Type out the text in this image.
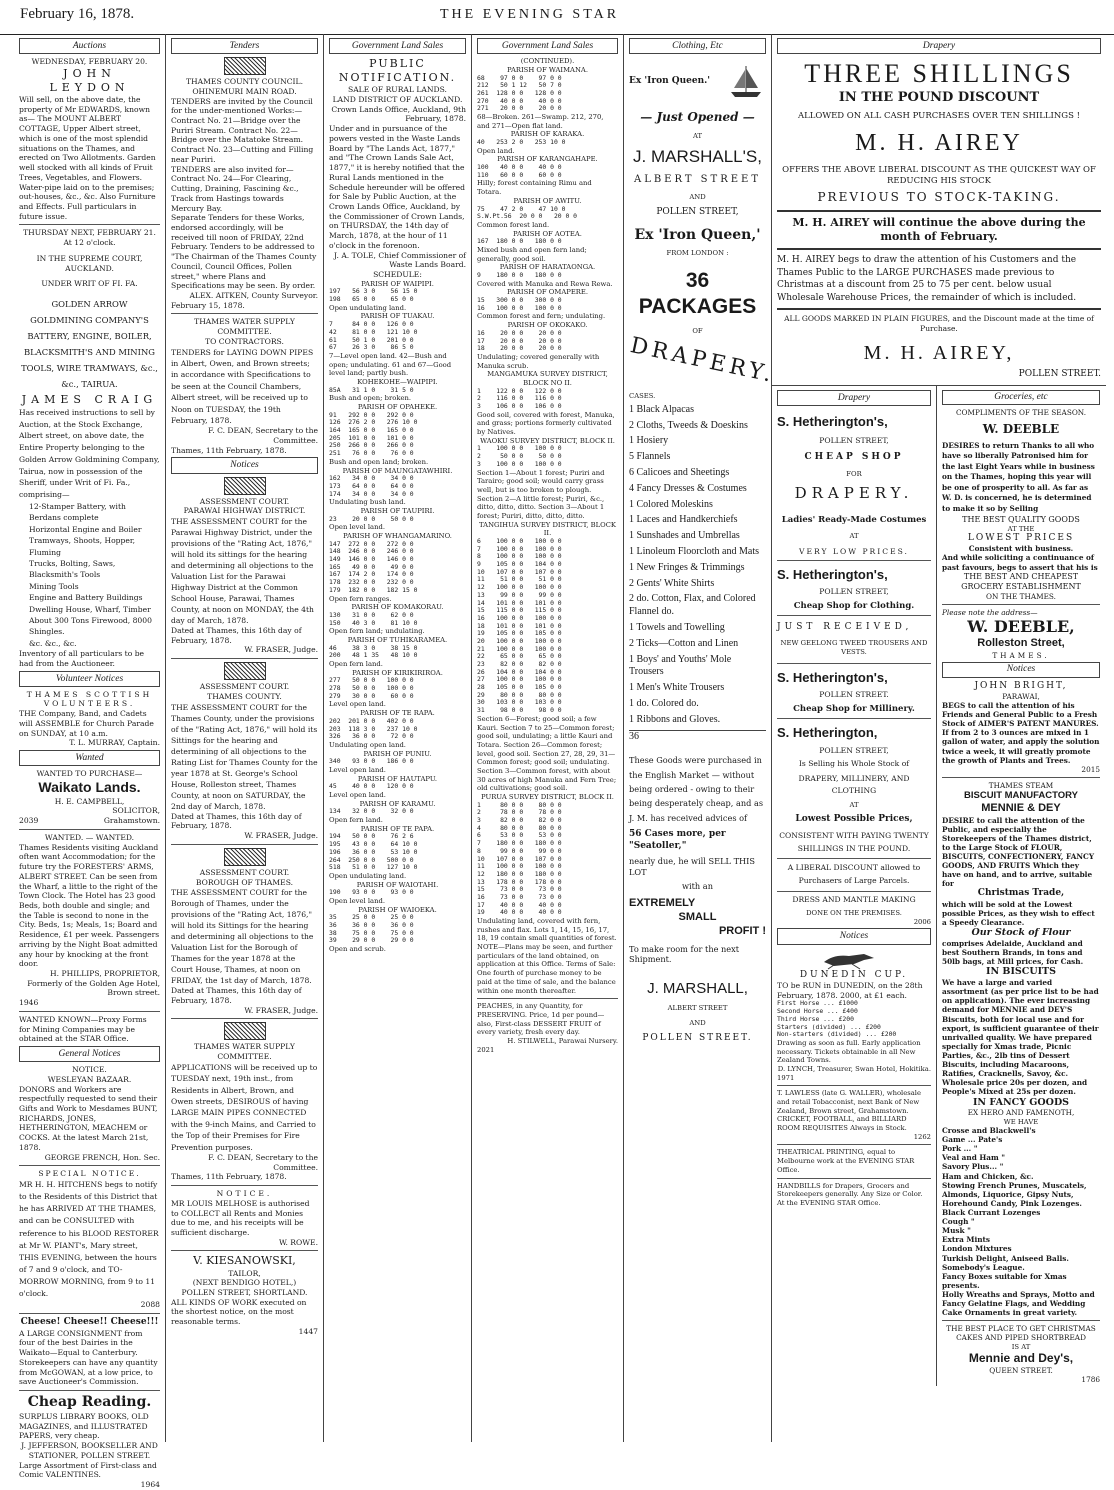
February 16, 1878.	THE EVENING STAR
Auctions
WEDNESDAY, FEBRUARY 20.
JOHN LEYDON
Will sell, on the above date, the property of Mr EDWARDS, known as— The MOUNT ALBERT COTTAGE, Upper Albert street, which is one of the most splendid situations on the Thames, and erected on Two Allotments. Garden well stocked with all kinds of Fruit Trees, Vegetables, and Flowers. Water-pipe laid on to the premises; out-houses, &c., &c. Also Furniture and Effects. Full particulars in future issue.
THURSDAY NEXT, FEBRUARY 21.
At 12 o'clock.
IN THE SUPREME COURT, AUCKLAND.
UNDER WRIT OF FI. FA.
GOLDEN ARROW GOLDMINING COMPANY'S BATTERY, ENGINE, BOILER, BLACKSMITH'S AND MINING TOOLS, WIRE TRAMWAYS, &c., &c., TAIRUA.
JAMES CRAIG
Has received instructions to sell by Auction, at the Stock Exchange, Albert street, on above date, the Entire Property belonging to the Golden Arrow Goldmining Company, Tairua, now in possession of the Sheriff, under Writ of Fi. Fa., comprising—
12-Stamper Battery, with Berdans complete
Horizontal Engine and Boiler
Tramways, Shoots, Hopper, Fluming
Trucks, Bolting, Saws, Blacksmith's Tools
Mining Tools
Engine and Battery Buildings
Dwelling House, Wharf, Timber
About 300 Tons Firewood, 8000 Shingles.
&c. &c., &c.
Inventory of all particulars to be had from the Auctioneer.
Volunteer Notices
THAMES SCOTTISH VOLUNTEERS.
THE Company, Band, and Cadets will ASSEMBLE for Church Parade on SUNDAY, at 10 a.m.
T. L. MURRAY, Captain.
Wanted
WANTED TO PURCHASE—
Waikato Lands.
H. E. CAMPBELL,
SOLICITOR,
2039	Grahamstown.
WANTED. — WANTED.
Thames Residents visiting Auckland often want Accommodation; for the future try the FORESTERS' ARMS, ALBERT STREET. Can be seen from the Wharf, a little to the right of the Town Clock. The Hotel has 23 good Beds, both double and single; and the Table is second to none in the City. Beds, 1s; Meals, 1s; Board and Residence, £1 per week. Passengers arriving by the Night Boat admitted any hour by knocking at the front door.
H. PHILLIPS, PROPRIETOR,
Formerly of the Golden Age Hotel, Brown street.
1946
WANTED KNOWN—Proxy Forms for Mining Companies may be obtained at the STAR Office.
General Notices
NOTICE.
WESLEYAN BAZAAR.
DONORS and Workers are respectfully requested to send their Gifts and Work to Mesdames BUNT, RICHARDS, JONES, HETHERINGTON, MEACHEM or COCKS. At the latest March 21st, 1878.
GEORGE FRENCH, Hon. Sec.
SPECIAL NOTICE.
MR H. H. HITCHENS begs to notify to the Residents of this District that he has ARRIVED AT THE THAMES, and can be CONSULTED with reference to his BLOOD RESTORER at Mr W. PIANT's, Mary street, THIS EVENING, between the hours of 7 and 9 o'clock, and TO-MORROW MORNING, from 9 to 11 o'clock.
2088
Cheese! Cheese!! Cheese!!!
A LARGE CONSIGNMENT from four of the best Dairies in the Waikato—Equal to Canterbury. Storekeepers can have any quantity from McGOWAN, at a low price, to save Auctioneer's Commission.
Cheap Reading.
SURPLUS LIBRARY BOOKS, OLD MAGAZINES, and ILLUSTRATED PAPERS, very cheap.
J. JEFFERSON, BOOKSELLER AND STATIONER, POLLEN STREET.
Large Assortment of First-class and Comic VALENTINES.
1964
Tenders
THAMES COUNTY COUNCIL.
OHINEMURI MAIN ROAD.
TENDERS are invited by the Council for the under-mentioned Works:— Contract No. 21—Bridge over the Puriri Stream. Contract No. 22—Bridge over the Matatoke Stream. Contract No. 23—Cutting and Filling near Puriri.
TENDERS are also invited for— Contract No. 24—For Clearing, Cutting, Draining, Fascining &c., Track from Hastings towards Mercury Bay.
Separate Tenders for these Works, endorsed accordingly, will be received till noon of FRIDAY, 22nd February. Tenders to be addressed to "The Chairman of the Thames County Council, Council Offices, Pollen street," where Plans and Specifications may be seen. By order.
ALEX. AITKEN, County Surveyor.
February 15, 1878.
THAMES WATER SUPPLY COMMITTEE.
TO CONTRACTORS.
TENDERS for LAYING DOWN PIPES in Albert, Owen, and Brown streets; in accordance with Specifications to be seen at the Council Chambers, Albert street, will be received up to Noon on TUESDAY, the 19th February, 1878.
F. C. DEAN, Secretary to the Committee.
Thames, 11th February, 1878.
Notices
ASSESSMENT COURT.
PARAWAI HIGHWAY DISTRICT.
THE ASSESSMENT COURT for the Parawai Highway District, under the provisions of the "Rating Act, 1876," will hold its sittings for the hearing and determining all objections to the Valuation List for the Parawai Highway District at the Common School House, Parawai, Thames County, at noon on MONDAY, the 4th day of March, 1878.
Dated at Thames, this 16th day of February, 1878.
W. FRASER, Judge.
ASSESSMENT COURT.
THAMES COUNTY.
THE ASSESSMENT COURT for the Thames County, under the provisions of the "Rating Act, 1876," will hold its Sittings for the hearing and determining of all objections to the Rating List for Thames County for the year 1878 at St. George's School House, Rolleston street, Thames County, at noon on SATURDAY, the 2nd day of March, 1878.
Dated at Thames, this 16th day of February, 1878.
W. FRASER, Judge.
ASSESSMENT COURT.
BOROUGH OF THAMES.
THE ASSESSMENT COURT for the Borough of Thames, under the provisions of the "Rating Act, 1876," will hold its Sittings for the hearing and determining all objections to the Valuation List for the Borough of Thames for the year 1878 at the Court House, Thames, at noon on FRIDAY, the 1st day of March, 1878.
Dated at Thames, this 16th day of February, 1878.
W. FRASER, Judge.
THAMES WATER SUPPLY COMMITTEE.
APPLICATIONS will be received up to TUESDAY next, 19th inst., from Residents in Albert, Brown, and Owen streets, DESIROUS of having LARGE MAIN PIPES CONNECTED with the 9-inch Mains, and Carried to the Top of their Premises for Fire Prevention purposes.
F. C. DEAN, Secretary to the Committee.
Thames, 11th February, 1878.
NOTICE.
MR LOUIS MELHOSE is authorised to COLLECT all Rents and Monies due to me, and his receipts will be sufficient discharge.
W. ROWE.
V. KIESANOWSKI,
TAILOR,
(NEXT BENDIGO HOTEL,)
POLLEN STREET, SHORTLAND.
ALL KINDS OF WORK executed on the shortest notice, on the most reasonable terms.
1447
Government Land Sales
PUBLIC NOTIFICATION.
SALE OF RURAL LANDS.
LAND DISTRICT OF AUCKLAND.
Crown Lands Office, Auckland, 9th February, 1878.
Under and in pursuance of the powers vested in the Waste Lands Board by "The Lands Act, 1877," and "The Crown Lands Sale Act, 1877," it is hereby notified that the Rural Lands mentioned in the Schedule hereunder will be offered for Sale by Public Auction, at the Crown Lands Office, Auckland, by the Commissioner of Crown Lands, on THURSDAY, the 14th day of March, 1878, at the hour of 11 o'clock in the forenoon.
J. A. TOLE, Chief Commissioner of Waste Lands Board.
SCHEDULE:
PARISH OF WAIPIPI.
197   56 3 0    56 15 0
198   65 0 0    65 0 0
Open undulating land.
PARISH OF TUAKAU.
7     84 0 0   126 0 0
42    81 0 0   121 10 0
61    50 1 0   201 0 0
67    26 3 0    86 5 0
7—Level open land. 42—Bush and open; undulating. 61 and 67—Good level land; partly bush.
KOHEKOHE—WAIPIPI.
85A   31 1 0    31 5 0
Bush and open; broken.
PARISH OF OPAHEKE.
91   292 0 0   292 0 0
126  276 2 0   276 10 0
164  165 0 0   165 0 0
205  101 0 0   101 0 0
250  266 0 0   266 0 0
251   76 0 0    76 0 0
Bush and open land; broken.
PARISH OF MAUNGATAWHIRI.
162   34 0 0    34 0 0
173   64 0 0    64 0 0
174   34 0 0    34 0 0
Undulating bush land.
PARISH OF TAUPIRI.
23    20 0 0    50 0 0
Open level land.
PARISH OF WHANGAMARINO.
147  272 0 0   272 0 0
148  246 0 0   246 0 0
149  146 0 0   146 0 0
165   49 0 0    49 0 0
167  174 2 0   174 0 0
178  232 0 0   232 0 0
179  182 0 0   182 15 0
Open fern ranges.
PARISH OF KOMAKORAU.
130   31 0 0    62 0 0
150   40 3 0    81 10 0
Open fern land; undulating.
PARISH OF TUHIKARAMEA.
46    38 3 0    38 15 0
200   48 1 35   48 10 0
Open fern land.
PARISH OF KIRIKIRIROA.
277   50 0 0   100 0 0
278   50 0 0   100 0 0
279   30 0 0    60 0 0
Level open land.
PARISH OF TE RAPA.
202  201 0 0   402 0 0
203  118 3 0   237 10 0
326   36 0 0    72 0 0
Undulating open land.
PARISH OF PUNIU.
340   93 0 0   186 0 0
Level open land.
PARISH OF HAUTAPU.
45    40 0 0   120 0 0
Level open land.
PARISH OF KARAMU.
134   32 0 0    32 0 0
Open fern land.
PARISH OF TE PAPA.
194   50 0 0    76 2 6
195   43 0 0    64 10 0
196   36 0 0    53 10 0
264  250 0 0   500 0 0
518   51 0 0   127 10 0
Open undulating land.
PARISH OF WAIOTAHI.
190   93 0 0    93 0 0
Open level land.
PARISH OF WAIOEKA.
35    25 0 0    25 0 0
36    36 0 0    36 0 0
38    75 0 0    75 0 0
39    29 0 0    29 0 0
Open and scrub.
Government Land Sales
(CONTINUED).
PARISH OF WAIMANA.
68    97 0 0    97 0 0
212   50 1 12   50 7 0
261  128 0 0   128 0 0
270   40 0 0    40 0 0
271   20 0 0    20 0 0
68—Broken. 261—Swamp. 212, 270, and 271—Open flat land.
PARISH OF KARAKA.
40   253 2 0   253 10 0
Open land.
PARISH OF KARANGAHAPE.
100   40 0 0    40 0 0
110   60 0 0    60 0 0
Hilly; forest containing Rimu and Totara.
PARISH OF AWITU.
75    47 2 0    47 10 0
S.W.Pt.56  20 0 0   20 0 0
Common forest land.
PARISH OF AOTEA.
167  180 0 0   180 0 0
Mixed bush and open fern land; generally, good soil.
PARISH OF HARATAONGA.
9    180 0 0   180 0 0
Covered with Manuka and Rewa Rewa.
PARISH OF OMAPERE.
15   300 0 0   300 0 0
16   100 0 0   100 0 0
Common forest and fern; undulating.
PARISH OF OKOKAKO.
16    20 0 0    20 0 0
17    20 0 0    20 0 0
18    20 0 0    20 0 0
Undulating; covered generally with Manuka scrub.
MANGAMUKA SURVEY DISTRICT, BLOCK NO II.
1    122 0 0   122 0 0
2    116 0 0   116 0 0
3    106 0 0   106 0 0
Good soil, covered with forest, Manuka, and grass; portions formerly cultivated by Natives.
WAOKU SURVEY DISTRICT, BLOCK II.
1    100 0 0   100 0 0
2     50 0 0    50 0 0
3    100 0 0   100 0 0
Section 1—About 1 forest; Puriri and Tarairo; good soil; would carry grass well, but is too broken to plough. Section 2—A little forest; Puriri, &c., ditto, ditto, ditto. Section 3—About 1 forest; Puriri, ditto, ditto, ditto.
TANGIHUA SURVEY DISTRICT, BLOCK II.
6    100 0 0   100 0 0
7    100 0 0   100 0 0
8    100 0 0   100 0 0
9    105 0 0   104 0 0
10   107 0 0   107 0 0
11    51 0 0    51 0 0
12   100 0 0   100 0 0
13    99 0 0    99 0 0
14   101 0 0   101 0 0
15   115 0 0   115 0 0
16   100 0 0   100 0 0
18   101 0 0   101 0 0
19   105 0 0   105 0 0
20   100 0 0   100 0 0
21   100 0 0   100 0 0
22    65 0 0    65 0 0
23    82 0 0    82 0 0
26   104 0 0   104 0 0
27   100 0 0   100 0 0
28   105 0 0   105 0 0
29    80 0 0    80 0 0
30   103 0 0   103 0 0
31    98 0 0    98 0 0
Section 6—Forest; good soil; a few Kauri. Section 7 to 25—Common forest; good soil, undulating; a little Kauri and Totara. Section 26—Common forest; level, good soil. Section 27, 28, 29, 31—Common forest; good soil; undulating. Section 3—Common forest, with about 30 acres of high Manuka and Fern Tree; old cultivations; good soil.
PURUA SURVEY DISTRICT, BLOCK II.
1     80 0 0    80 0 0
2     78 0 0    78 0 0
3     82 0 0    82 0 0
4     80 0 0    80 0 0
6     53 0 0    53 0 0
7    180 0 0   180 0 0
8     99 0 0    99 0 0
10   107 0 0   107 0 0
11   100 0 0   100 0 0
12   180 0 0   180 0 0
13   178 0 0   178 0 0
15    73 0 0    73 0 0
16    73 0 0    73 0 0
17    40 0 0    40 0 0
19    40 0 0    40 0 0
Undulating land, covered with fern, rushes and flax. Lots 1, 14, 15, 16, 17, 18, 19 contain small quantities of forest.
NOTE—Plans may be seen, and further particulars of the land obtained, on application at this Office. Terms of Sale: One fourth of purchase money to be paid at the time of sale, and the balance within one month thereafter.
PEACHES, in any Quantity, for PRESERVING. Price, 1d per pound—also, First-class DESSERT FRUIT of every variety, fresh every day.
H. STILWELL, Parawai Nursery.
2021
Clothing, Etc
Ex 'Iron Queen.'
— Just Opened —
AT
J. MARSHALL'S,
ALBERT STREET
AND
POLLEN STREET,
Ex 'Iron Queen,'
FROM LONDON :
36 PACKAGES
OF
DRAPERY.
CASES.
1 Black Alpacas
2 Cloths, Tweeds & Doeskins
1 Hosiery
5 Flannels
6 Calicoes and Sheetings
4 Fancy Dresses & Costumes
1 Colored Moleskins
1 Laces and Handkerchiefs
1 Sunshades and Umbrellas
1 Linoleum Floorcloth and Mats
1 New Fringes & Trimmings
2 Gents' White Shirts
2 do. Cotton, Flax, and Colored Flannel do.
1 Towels and Towelling
2 Ticks—Cotton and Linen
1 Boys' and Youths' Mole Trousers
1 Men's White Trousers
1 do. Colored do.
1 Ribbons and Gloves.
36
These Goods were purchased in the English Market — without being ordered - owing to their being desperately cheap, and as J. M. has received advices of
56 Cases more, per "Seatoller,"
nearly due, he will SELL THIS LOT
with an
EXTREMELY
SMALL
PROFIT !
To make room for the next Shipment.
J. MARSHALL,
ALBERT STREET
AND
POLLEN STREET.
Drapery
THREE SHILLINGS
IN THE POUND DISCOUNT
ALLOWED ON ALL CASH PURCHASES OVER TEN SHILLINGS !
M. H. AIREY
OFFERS THE ABOVE LIBERAL DISCOUNT AS THE QUICKEST WAY OF REDUCING HIS STOCK
PREVIOUS TO STOCK-TAKING.
M. H. AIREY will continue the above during the month of February.
M. H. AIREY begs to draw the attention of his Customers and the Thames Public to the LARGE PURCHASES made previous to Christmas at a discount from 25 to 75 per cent. below usual Wholesale Warehouse Prices, the remainder of which is included.
ALL GOODS MARKED IN PLAIN FIGURES, and the Discount made at the time of Purchase.
M. H. AIREY,
POLLEN STREET.
Drapery
S. Hetherington's,
POLLEN STREET,
CHEAP SHOP
FOR
DRAPERY.
Ladies' Ready-Made Costumes
AT
VERY LOW PRICES.
S. Hetherington's,
POLLEN STREET,
Cheap Shop for Clothing.
JUST RECEIVED,
NEW GEELONG TWEED TROUSERS AND VESTS.
S. Hetherington's,
POLLEN STREET.
Cheap Shop for Millinery.
S. Hetherington,
POLLEN STREET,
Is Selling his Whole Stock of
DRAPERY, MILLINERY, AND CLOTHING
AT
Lowest Possible Prices,
CONSISTENT WITH PAYING TWENTY SHILLINGS IN THE POUND.
A LIBERAL DISCOUNT allowed to Purchasers of Large Parcels.
DRESS AND MANTLE MAKING
DONE ON THE PREMISES.
2006
Notices
DUNEDIN CUP.
TO be RUN in DUNEDIN, on the 28th February, 1878. 2000, at £1 each.
First Horse ... £1000
Second Horse ... £400
Third Horse ... £200
Starters (divided) ... £200
Non-starters (divided) ... £200
Drawing as soon as full. Early application necessary. Tickets obtainable in all New Zealand Towns.
D. LYNCH, Treasurer, Swan Hotel, Hokitika.
1971
T. LAWLESS (late G. WALLER), wholesale and retail Tobacconist, next Bank of New Zealand, Brown street, Grahamstown. CRICKET, FOOTBALL, and BILLIARD ROOM REQUISITES Always in Stock.
1262
THEATRICAL PRINTING, equal to Melbourne work at the EVENING STAR Office.
HANDBILLS for Drapers, Grocers and Storekeepers generally. Any Size or Color. At the EVENING STAR Office.
Groceries, etc
COMPLIMENTS OF THE SEASON.
W. DEEBLE
DESIRES to return Thanks to all who have so liberally Patronised him for the last Eight Years while in business on the Thames, hoping this year will be one of prosperity to all. As far as W. D. is concerned, he is determined to make it so by Selling
THE BEST QUALITY GOODS
AT THE
LOWEST PRICES
Consistent with business.
And while soliciting a continuance of past favours, begs to assert that his is
THE BEST AND CHEAPEST
GROCERY ESTABLISHMENT
ON THE THAMES.
Please note the address—
W. DEEBLE,
Rolleston Street,
THAMES.
Notices
JOHN BRIGHT,
PARAWAI,
BEGS to call the attention of his Friends and General Public to a Fresh Stock of AIMER'S PATENT MANURES. If from 2 to 3 ounces are mixed in 1 gallon of water, and apply the solution twice a week, it will greatly promote the growth of Plants and Trees.
2015
THAMES STEAM
BISCUIT MANUFACTORY
MENNIE & DEY
DESIRE to call the attention of the Public, and especially the Storekeepers of the Thames district, to the Large Stock of FLOUR, BISCUITS, CONFECTIONERY, FANCY GOODS, AND FRUITS Which they have on hand, and to arrive, suitable for
Christmas Trade,
which will be sold at the Lowest possible Prices, as they wish to effect a Speedy Clearance.
Our Stock of Flour
comprises Adelaide, Auckland and best Southern Brands, in tons and 50lb bags, at Mill prices, for Cash.
IN BISCUITS
We have a large and varied assortment (as per price list to be had on application). The ever increasing demand for MENNIE and DEY'S Biscuits, both for local use and for export, is sufficient guarantee of their unrivalled quality. We have prepared specially for Xmas trade, Picnic Parties, &c., 2lb tins of Dessert Biscuits, including Macaroons, Ratifies, Cracknells, Savoy, &c. Wholesale price 20s per dozen, and People's Mixed at 25s per dozen.
IN FANCY GOODS
EX HERO AND FAMENOTH,
WE HAVE
Crosse and Blackwell's
Game ... Pate's
Pork ... "
Veal and Ham "
Savory Plus... "
Ham and Chicken, &c.
Stowing French Prunes, Muscatels, Almonds, Liquorice, Gipsy Nuts, Horehound Candy, Pink Lozenges.
Black Currant Lozenges
Cough "
Musk "
Extra Mints
London Mixtures
Turkish Delight, Aniseed Balls.
Somebody's League.
Fancy Boxes suitable for Xmas presents.
Holly Wreaths and Sprays, Motto and Fancy Gelatine Flags, and Wedding Cake Ornaments in great variety.
THE BEST PLACE TO GET CHRISTMAS CAKES AND PIPED SHORTBREAD
IS AT
Mennie and Dey's,
QUEEN STREET.
1786
